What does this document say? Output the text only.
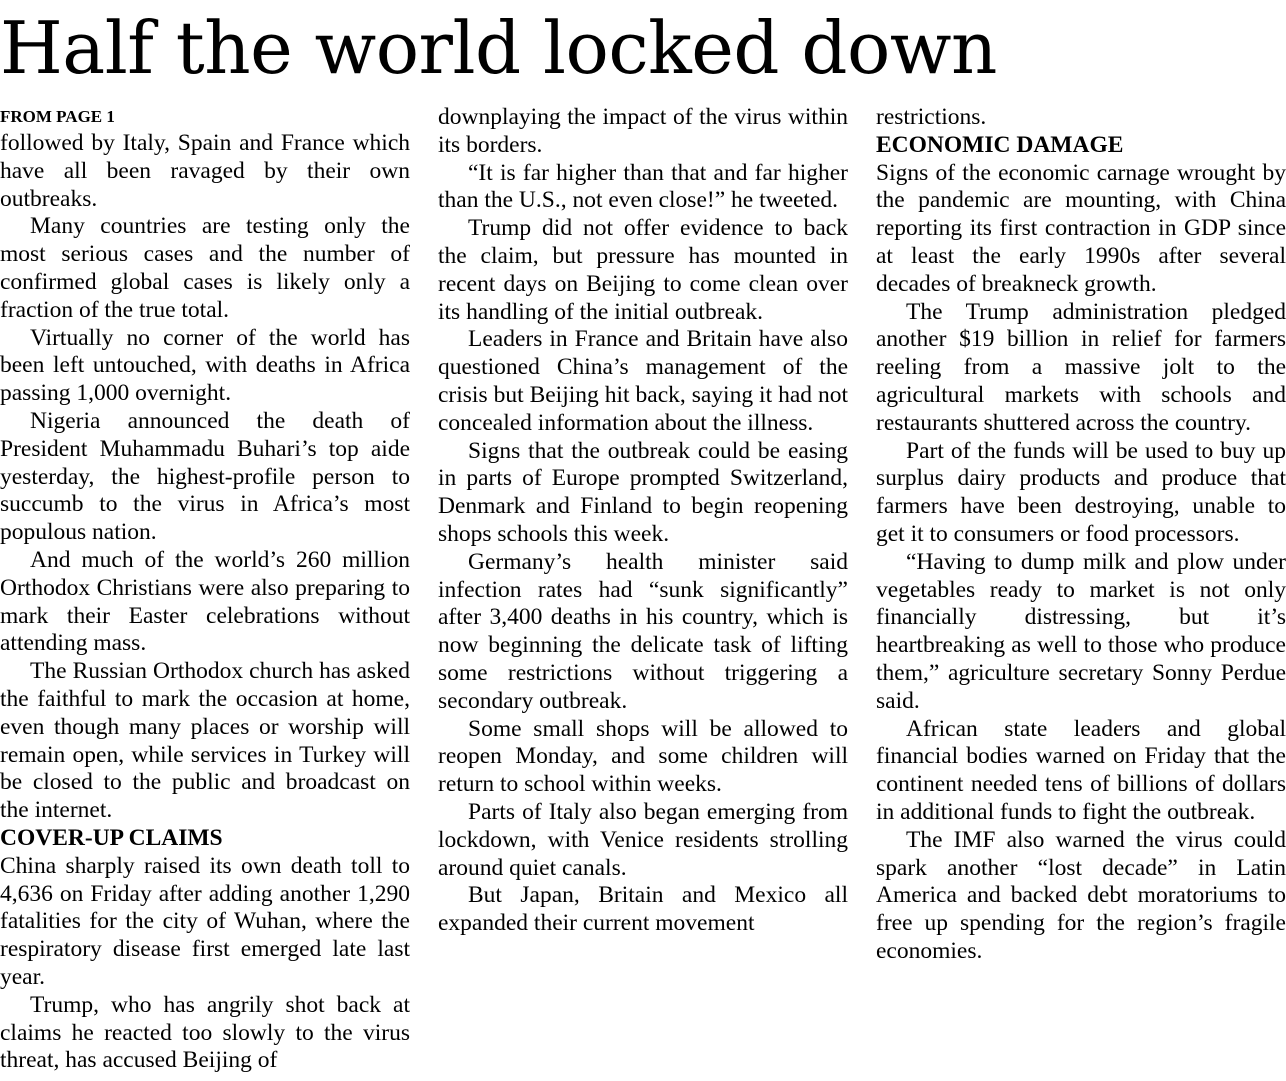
Half the world locked down
FROM PAGE 1

followed by Italy, Spain and France which have all been ravaged by their own outbreaks.

Many countries are testing only the most serious cases and the number of confirmed global cases is likely only a fraction of the true total.

Virtually no corner of the world has been left untouched, with deaths in Africa passing 1,000 overnight.

Nigeria announced the death of President Muhammadu Buhari’s top aide yesterday, the highest-profile person to succumb to the virus in Africa’s most populous nation.

And much of the world’s 260 million Orthodox Christians were also preparing to mark their Easter celebrations without attending mass.

The Russian Orthodox church has asked the faithful to mark the occasion at home, even though many places or worship will remain open, while services in Turkey will be closed to the public and broadcast on the internet.

COVER-UP CLAIMS

China sharply raised its own death toll to 4,636 on Friday after adding another 1,290 fatalities for the city of Wuhan, where the respiratory disease first emerged late last year.

Trump, who has angrily shot back at claims he reacted too slowly to the virus threat, has accused Beijing of

downplaying the impact of the virus within its borders.

“It is far higher than that and far higher than the U.S., not even close!” he tweeted.

Trump did not offer evidence to back the claim, but pressure has mounted in recent days on Beijing to come clean over its handling of the initial outbreak.

Leaders in France and Britain have also questioned China’s management of the crisis but Beijing hit back, saying it had not concealed information about the illness.

Signs that the outbreak could be easing in parts of Europe prompted Switzerland, Denmark and Finland to begin reopening shops schools this week.

Germany’s health minister said infection rates had “sunk significantly” after 3,400 deaths in his country, which is now beginning the delicate task of lifting some restrictions without triggering a secondary outbreak.

Some small shops will be allowed to reopen Monday, and some children will return to school within weeks.

Parts of Italy also began emerging from lockdown, with Venice residents strolling around quiet canals.

But Japan, Britain and Mexico all expanded their current movement

restrictions.

ECONOMIC DAMAGE

Signs of the economic carnage wrought by the pandemic are mounting, with China reporting its first contraction in GDP since at least the early 1990s after several decades of breakneck growth.

The Trump administration pledged another $19 billion in relief for farmers reeling from a massive jolt to the agricultural markets with schools and restaurants shuttered across the country.

Part of the funds will be used to buy up surplus dairy products and produce that farmers have been destroying, unable to get it to consumers or food processors.

“Having to dump milk and plow under vegetables ready to market is not only financially distressing, but it’s heartbreaking as well to those who produce them,” agriculture secretary Sonny Perdue said.

African state leaders and global financial bodies warned on Friday that the continent needed tens of billions of dollars in additional funds to fight the outbreak.

The IMF also warned the virus could spark another “lost decade” in Latin America and backed debt moratoriums to free up spending for the region’s fragile economies.
